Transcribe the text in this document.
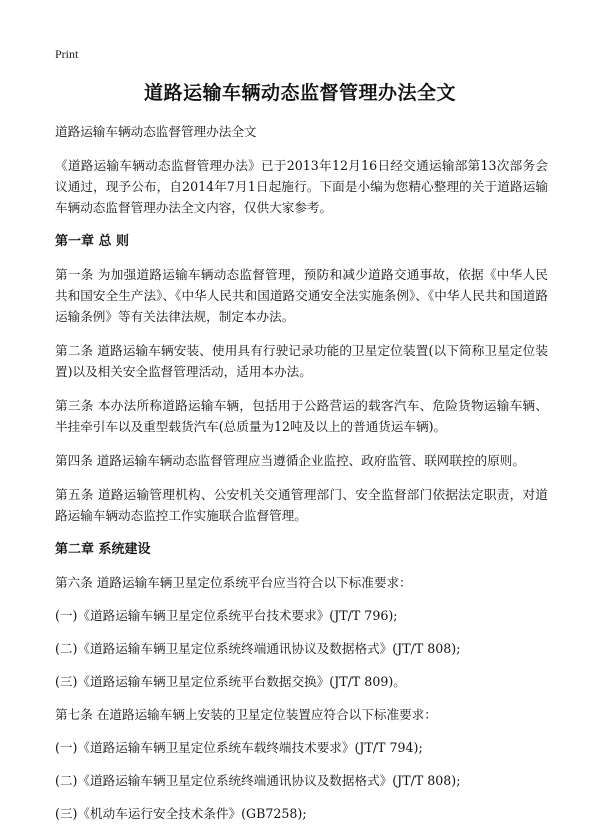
Print
道路运输车辆动态监督管理办法全文

道路运输车辆动态监督管理办法全文

《道路运输车辆动态监督管理办法》已于2013年12月16日经交通运输部第13次部务会议通过，现予公布，自2014年7月1日起施行。下面是小编为您精心整理的关于道路运输车辆动态监督管理办法全文内容，仅供大家参考。

第一章 总 则

第一条 为加强道路运输车辆动态监督管理，预防和减少道路交通事故，依据《中华人民共和国安全生产法》、《中华人民共和国道路交通安全法实施条例》、《中华人民共和国道路运输条例》等有关法律法规，制定本办法。

第二条 道路运输车辆安装、使用具有行驶记录功能的卫星定位装置(以下简称卫星定位装置)以及相关安全监督管理活动，适用本办法。

第三条 本办法所称道路运输车辆，包括用于公路营运的载客汽车、危险货物运输车辆、半挂牵引车以及重型载货汽车(总质量为12吨及以上的普通货运车辆)。

第四条 道路运输车辆动态监督管理应当遵循企业监控、政府监管、联网联控的原则。

第五条 道路运输管理机构、公安机关交通管理部门、安全监督部门依据法定职责，对道路运输车辆动态监控工作实施联合监督管理。

第二章 系统建设

第六条 道路运输车辆卫星定位系统平台应当符合以下标准要求：

(一)《道路运输车辆卫星定位系统平台技术要求》(JT/T 796);

(二)《道路运输车辆卫星定位系统终端通讯协议及数据格式》(JT/T 808);

(三)《道路运输车辆卫星定位系统平台数据交换》(JT/T 809)。

第七条 在道路运输车辆上安装的卫星定位装置应符合以下标准要求：

(一)《道路运输车辆卫星定位系统车载终端技术要求》(JT/T 794);

(二)《道路运输车辆卫星定位系统终端通讯协议及数据格式》(JT/T 808);

(三)《机动车运行安全技术条件》(GB7258);
